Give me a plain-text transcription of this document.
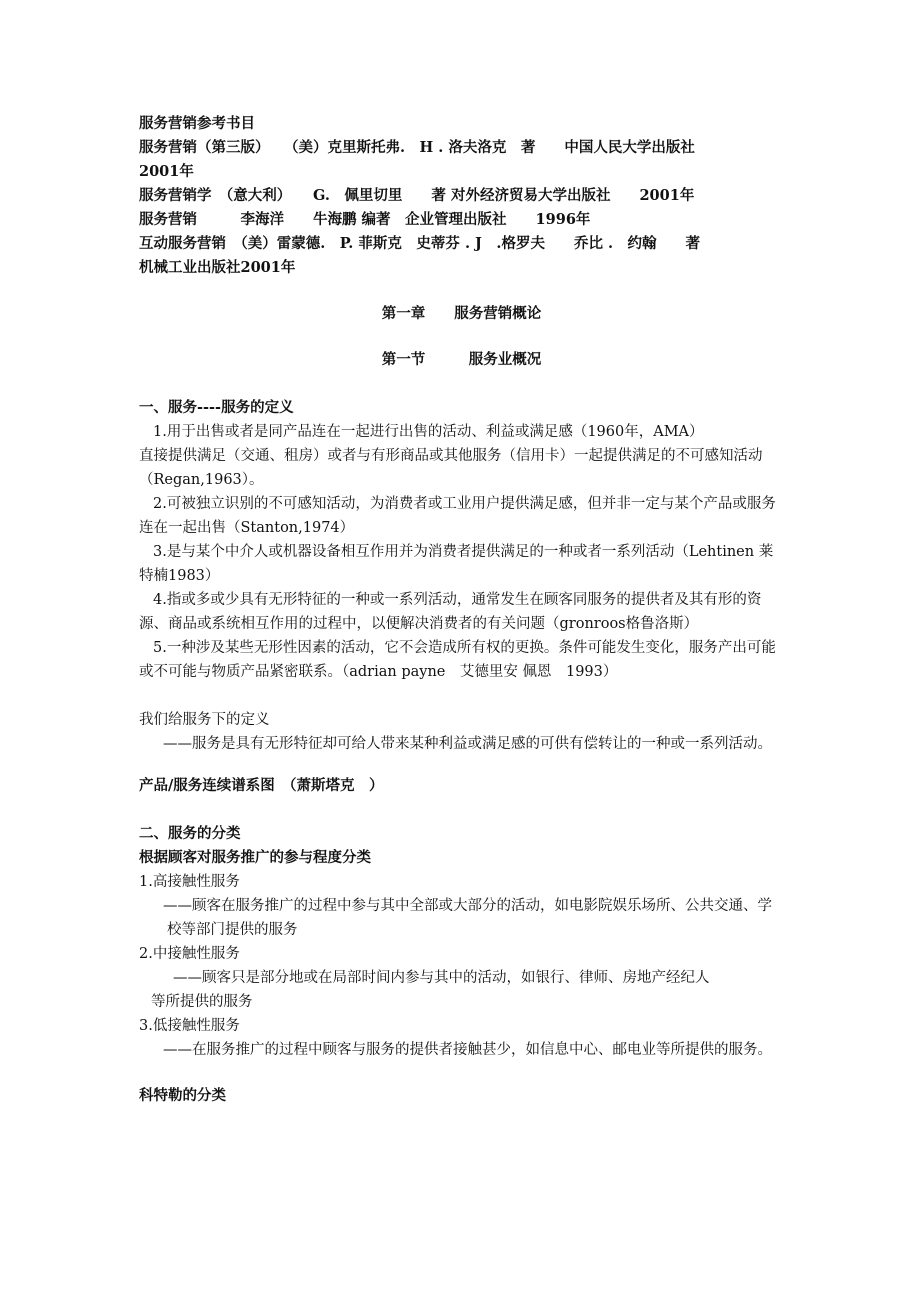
服务营销参考书目
服务营销（第三版）　　（美）克里斯托弗.　H . 洛夫洛克　著　　中国人民大学出版社
2001年
服务营销学　（意大利）　　G.　佩里切里　　著 对外经济贸易大学出版社　　2001年
服务营销　　　李海洋　　牛海鹏 编著　企业管理出版社　　1996年
互动服务营销　（美）雷蒙德.　P. 菲斯克　史蒂芬 . J　.格罗夫　　乔比 .　约翰　　著
机械工业出版社2001年
第一章　　服务营销概论
第一节　　　服务业概况
一、服务----服务的定义
1.用于出售或者是同产品连在一起进行出售的活动、利益或满足感（1960年，AMA）
直接提供满足（交通、租房）或者与有形商品或其他服务（信用卡）一起提供满足的不可感知活动（Regan,1963）。
2.可被独立识别的不可感知活动，为消费者或工业用户提供满足感，但并非一定与某个产品或服务连在一起出售（Stanton,1974）
3.是与某个中介人或机器设备相互作用并为消费者提供满足的一种或者一系列活动（Lehtinen 莱特楠1983）
4.指或多或少具有无形特征的一种或一系列活动，通常发生在顾客同服务的提供者及其有形的资源、商品或系统相互作用的过程中，以便解决消费者的有关问题（gronroos格鲁洛斯）
5.一种涉及某些无形性因素的活动，它不会造成所有权的更换。条件可能发生变化，服务产出可能或不可能与物质产品紧密联系。（adrian payne　艾德里安 佩恩　1993）
我们给服务下的定义
——服务是具有无形特征却可给人带来某种利益或满足感的可供有偿转让的一种或一系列活动。
产品/服务连续谱系图　（萧斯塔克　）
二、服务的分类
根据顾客对服务推广的参与程度分类
1.高接触性服务
——顾客在服务推广的过程中参与其中全部或大部分的活动，如电影院娱乐场所、公共交通、学校等部门提供的服务
2.中接触性服务
——顾客只是部分地或在局部时间内参与其中的活动，如银行、律师、房地产经纪人
等所提供的服务
3.低接触性服务
——在服务推广的过程中顾客与服务的提供者接触甚少，如信息中心、邮电业等所提供的服务。
科特勒的分类
